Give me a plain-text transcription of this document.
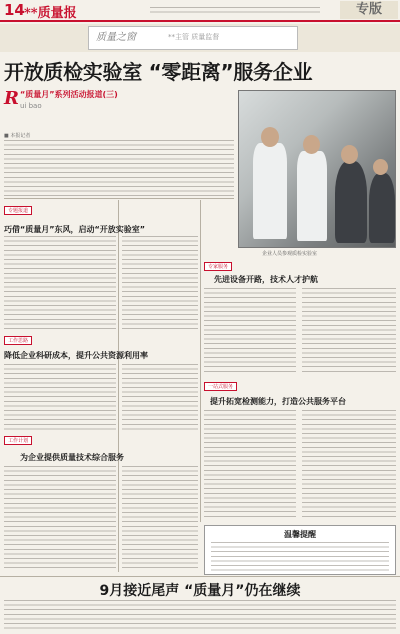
14 **质量报	专版
质量之窗	**主管 质量监督
开放质检实验室 “零距离”服务企业
R “质量月”系列活动报道(三)
ui bao
■ 本报记者
企业人员参观质检实验室
专题报道
巧借“质量月”东风，启动“开放实验室”
工作思路
降低企业科研成本，提升公共资源利用率
工作计划
为企业提供质量技术综合服务
专家服务
先进设备开路，技术人才护航
一站式服务
提升拓宽检测能力，打造公共服务平台
温馨提醒
9月接近尾声 “质量月”仍在继续
